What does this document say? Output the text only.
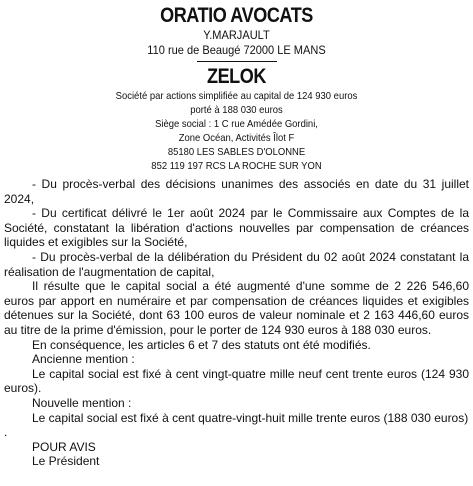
ORATIO AVOCATS
Y.MARJAULT
110 rue de Beaugé 72000 LE MANS
ZELOK
Société par actions simplifiée au capital de 124 930 euros
porté à 188 030 euros
Siège social : 1 C rue Amédée Gordini,
Zone Océan, Activités Îlot F
85180 LES SABLES D'OLONNE
852 119 197 RCS LA ROCHE SUR YON

- Du procès-verbal des décisions unanimes des associés en date du 31 juillet 2024,

- Du certificat délivré le 1er août 2024 par le Commissaire aux Comptes de la Société, constatant la libération d'actions nouvelles par compensation de créances liquides et exigibles sur la Société,

- Du procès-verbal de la délibération du Président du 02 août 2024 constatant la réalisation de l'augmentation de capital,

Il résulte que le capital social a été augmenté d'une somme de 2 226 546,60 euros par apport en numéraire et par compensation de créances liquides et exigibles détenues sur la Société, dont 63 100 euros de valeur nominale et 2 163 446,60 euros au titre de la prime d'émission, pour le porter de 124 930 euros à 188 030 euros.

En conséquence, les articles 6 et 7 des statuts ont été modifiés.

Ancienne mention :

Le capital social est fixé à cent vingt-quatre mille neuf cent trente euros (124 930 euros).

Nouvelle mention :

Le capital social est fixé à cent quatre-vingt-huit mille trente euros (188 030 euros)

.

POUR AVIS

Le Président
